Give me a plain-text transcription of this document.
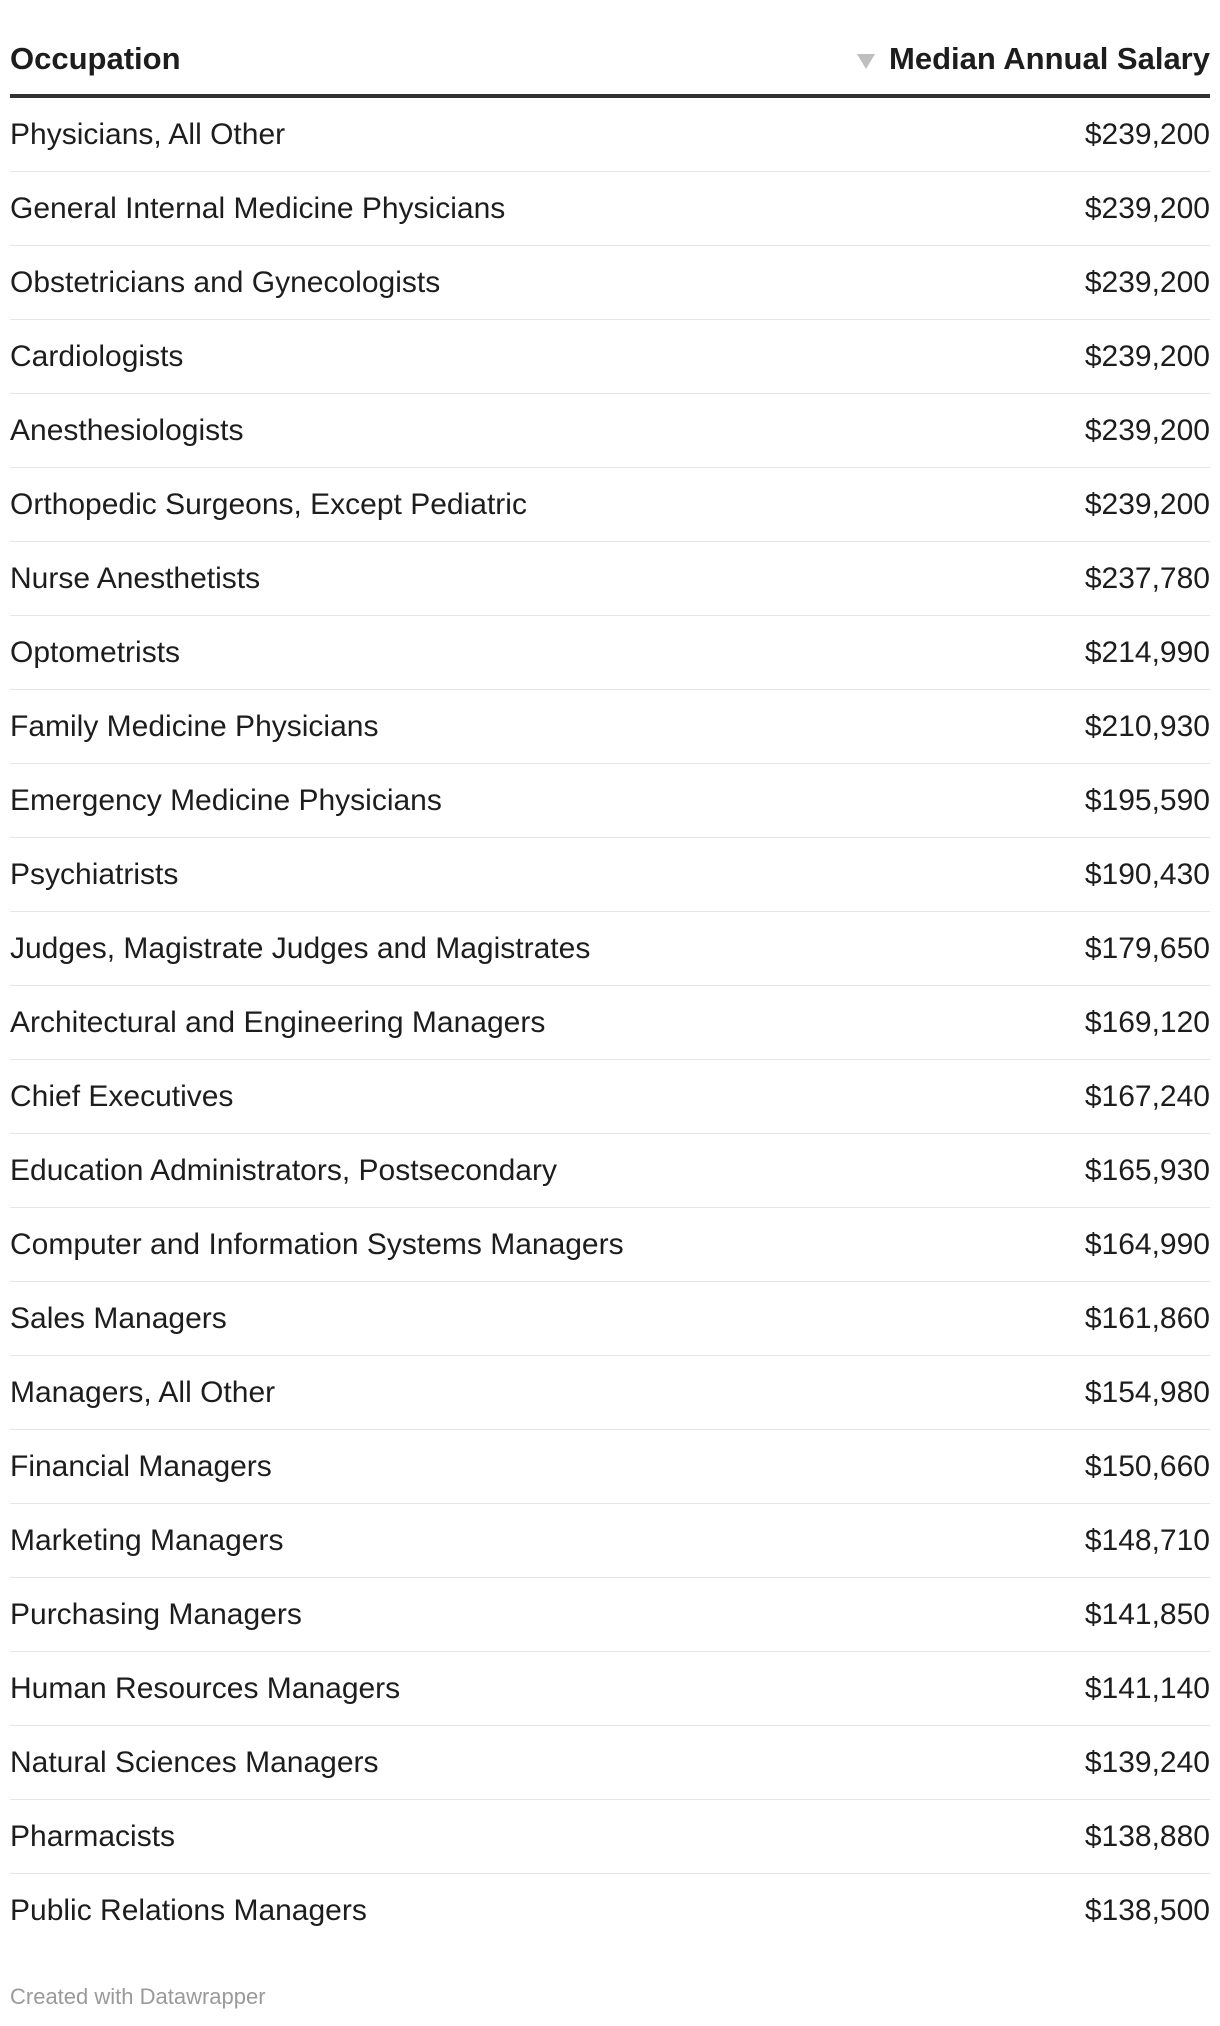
Occupation	Median Annual Salary
Physicians, All Other	$239,200
General Internal Medicine Physicians	$239,200
Obstetricians and Gynecologists	$239,200
Cardiologists	$239,200
Anesthesiologists	$239,200
Orthopedic Surgeons, Except Pediatric	$239,200
Nurse Anesthetists	$237,780
Optometrists	$214,990
Family Medicine Physicians	$210,930
Emergency Medicine Physicians	$195,590
Psychiatrists	$190,430
Judges, Magistrate Judges and Magistrates	$179,650
Architectural and Engineering Managers	$169,120
Chief Executives	$167,240
Education Administrators, Postsecondary	$165,930
Computer and Information Systems Managers	$164,990
Sales Managers	$161,860
Managers, All Other	$154,980
Financial Managers	$150,660
Marketing Managers	$148,710
Purchasing Managers	$141,850
Human Resources Managers	$141,140
Natural Sciences Managers	$139,240
Pharmacists	$138,880
Public Relations Managers	$138,500
Created with Datawrapper
